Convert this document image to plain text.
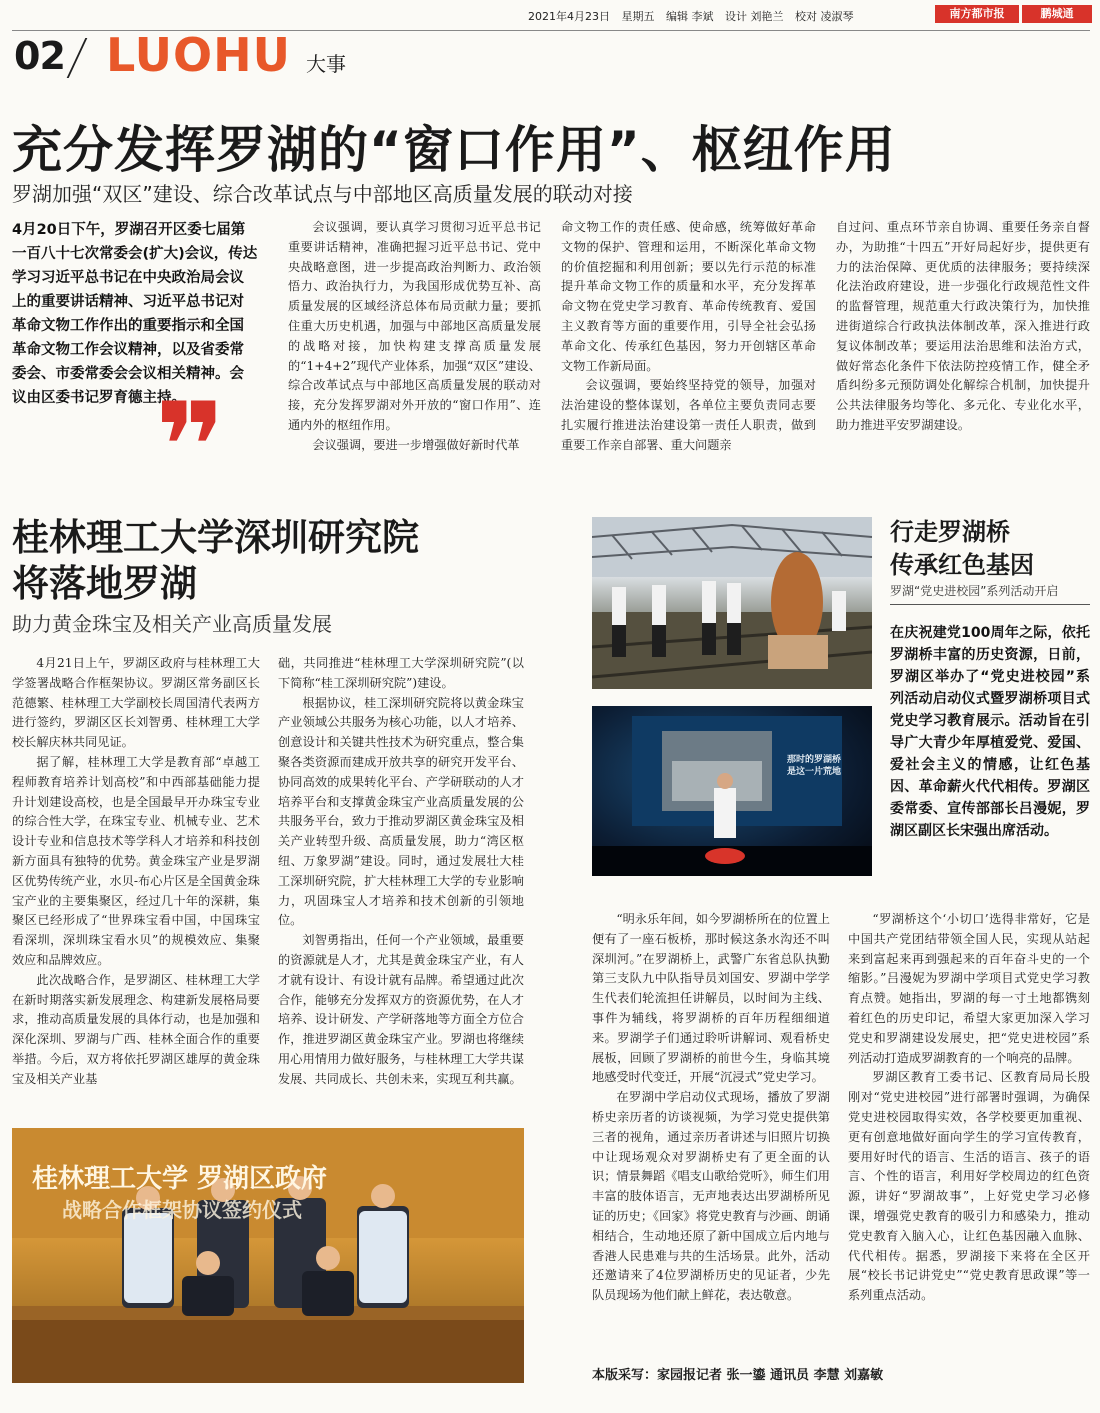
2021年4月23日 星期五 编辑 李斌 设计 刘艳兰 校对 凌淑琴	南方都市报	鹏城通
02 LUOHU 大事
充分发挥罗湖的“窗口作用”、枢纽作用
罗湖加强“双区”建设、综合改革试点与中部地区高质量发展的联动对接
4月20日下午，罗湖召开区委七届第一百八十七次常委会(扩大)会议，传达学习习近平总书记在中央政治局会议上的重要讲话精神、习近平总书记对革命文物工作作出的重要指示和全国革命文物工作会议精神，以及省委常委会、市委常委会会议相关精神。会议由区委书记罗育德主持。
❞

会议强调，要认真学习贯彻习近平总书记重要讲话精神，准确把握习近平总书记、党中央战略意图，进一步提高政治判断力、政治领悟力、政治执行力，为我国形成优势互补、高质量发展的区域经济总体布局贡献力量；要抓住重大历史机遇，加强与中部地区高质量发展的战略对接，加快构建支撑高质量发展的“1+4+2”现代产业体系，加强“双区”建设、综合改革试点与中部地区高质量发展的联动对接，充分发挥罗湖对外开放的“窗口作用”、连通内外的枢纽作用。

会议强调，要进一步增强做好新时代革

命文物工作的责任感、使命感，统筹做好革命文物的保护、管理和运用，不断深化革命文物的价值挖掘和利用创新；要以先行示范的标准提升革命文物工作的质量和水平，充分发挥革命文物在党史学习教育、革命传统教育、爱国主义教育等方面的重要作用，引导全社会弘扬革命文化、传承红色基因，努力开创辖区革命文物工作新局面。

会议强调，要始终坚持党的领导，加强对法治建设的整体谋划，各单位主要负责同志要扎实履行推进法治建设第一责任人职责，做到重要工作亲自部署、重大问题亲

自过问、重点环节亲自协调、重要任务亲自督办，为助推“十四五”开好局起好步，提供更有力的法治保障、更优质的法律服务；要持续深化法治政府建设，进一步强化行政规范性文件的监督管理，规范重大行政决策行为，加快推进街道综合行政执法体制改革，深入推进行政复议体制改革；要运用法治思维和法治方式，做好常态化条件下依法防控疫情工作，健全矛盾纠纷多元预防调处化解综合机制，加快提升公共法律服务均等化、多元化、专业化水平，助力推进平安罗湖建设。

桂林理工大学深圳研究院
将落地罗湖
助力黄金珠宝及相关产业高质量发展

4月21日上午，罗湖区政府与桂林理工大学签署战略合作框架协议。罗湖区常务副区长范德繁、桂林理工大学副校长周国清代表两方进行签约，罗湖区区长刘智勇、桂林理工大学校长解庆林共同见证。

据了解，桂林理工大学是教育部“卓越工程师教育培养计划高校”和中西部基础能力提升计划建设高校，也是全国最早开办珠宝专业的综合性大学，在珠宝专业、机械专业、艺术设计专业和信息技术等学科人才培养和科技创新方面具有独特的优势。黄金珠宝产业是罗湖区优势传统产业，水贝-布心片区是全国黄金珠宝产业的主要集聚区，经过几十年的深耕，集聚区已经形成了“世界珠宝看中国，中国珠宝看深圳，深圳珠宝看水贝”的规模效应、集聚效应和品牌效应。

此次战略合作，是罗湖区、桂林理工大学在新时期落实新发展理念、构建新发展格局要求，推动高质量发展的具体行动，也是加强和深化深圳、罗湖与广西、桂林全面合作的重要举措。今后，双方将依托罗湖区雄厚的黄金珠宝及相关产业基

础，共同推进“桂林理工大学深圳研究院”(以下简称“桂工深圳研究院”)建设。

根据协议，桂工深圳研究院将以黄金珠宝产业领域公共服务为核心功能，以人才培养、创意设计和关键共性技术为研究重点，整合集聚各类资源而建成开放共享的研究开发平台、协同高效的成果转化平台、产学研联动的人才培养平台和支撑黄金珠宝产业高质量发展的公共服务平台，致力于推动罗湖区黄金珠宝及相关产业转型升级、高质量发展，助力“湾区枢纽、万象罗湖”建设。同时，通过发展壮大桂工深圳研究院，扩大桂林理工大学的专业影响力，巩固珠宝人才培养和技术创新的引领地位。

刘智勇指出，任何一个产业领域，最重要的资源就是人才，尤其是黄金珠宝产业，有人才就有设计、有设计就有品牌。希望通过此次合作，能够充分发挥双方的资源优势，在人才培养、设计研发、产学研落地等方面全方位合作，推进罗湖区黄金珠宝产业。罗湖也将继续用心用情用力做好服务，与桂林理工大学共谋发展、共同成长、共创未来，实现互利共赢。

桂林理工大学 罗湖区政府
战略合作框架协议签约仪式
那时的罗湖桥 是这一片荒地
行走罗湖桥
传承红色基因
罗湖“党史进校园”系列活动开启
在庆祝建党100周年之际，依托罗湖桥丰富的历史资源，日前，罗湖区举办了“党史进校园”系列活动启动仪式暨罗湖桥项目式党史学习教育展示。活动旨在引导广大青少年厚植爱党、爱国、爱社会主义的情感，让红色基因、革命薪火代代相传。罗湖区委常委、宣传部部长吕漫妮，罗湖区副区长宋强出席活动。

“明永乐年间，如今罗湖桥所在的位置上便有了一座石板桥，那时候这条水沟还不叫深圳河。”在罗湖桥上，武警广东省总队执勤第三支队九中队指导员刘国安、罗湖中学学生代表们轮流担任讲解员，以时间为主线、事件为辅线，将罗湖桥的百年历程细细道来。罗湖学子们通过聆听讲解词、观看桥史展板，回顾了罗湖桥的前世今生，身临其境地感受时代变迁，开展“沉浸式”党史学习。

在罗湖中学启动仪式现场，播放了罗湖桥史亲历者的访谈视频，为学习党史提供第三者的视角，通过亲历者讲述与旧照片切换中让现场观众对罗湖桥史有了更全面的认识；情景舞蹈《唱支山歌给党听》，师生们用丰富的肢体语言，无声地表达出罗湖桥所见证的历史；《回家》将党史教育与沙画、朗诵相结合，生动地还原了新中国成立后内地与香港人民患难与共的生活场景。此外，活动还邀请来了4位罗湖桥历史的见证者，少先队员现场为他们献上鲜花，表达敬意。

“罗湖桥这个‘小切口’选得非常好，它是中国共产党团结带领全国人民，实现从站起来到富起来再到强起来的百年奋斗史的一个缩影。”吕漫妮为罗湖中学项目式党史学习教育点赞。她指出，罗湖的每一寸土地都镌刻着红色的历史印记，希望大家更加深入学习党史和罗湖建设发展史，把“党史进校园”系列活动打造成罗湖教育的一个响亮的品牌。

罗湖区教育工委书记、区教育局局长殷刚对“党史进校园”进行部署时强调，为确保党史进校园取得实效，各学校要更加重视、更有创意地做好面向学生的学习宣传教育，要用好时代的语言、生活的语言、孩子的语言、个性的语言，利用好学校周边的红色资源，讲好“罗湖故事”，上好党史学习必修课，增强党史教育的吸引力和感染力，推动党史教育入脑入心，让红色基因融入血脉、代代相传。据悉，罗湖接下来将在全区开展“校长书记讲党史”“党史教育思政课”等一系列重点活动。

本版采写：家园报记者 张一鎏 通讯员 李慧 刘嘉敏
